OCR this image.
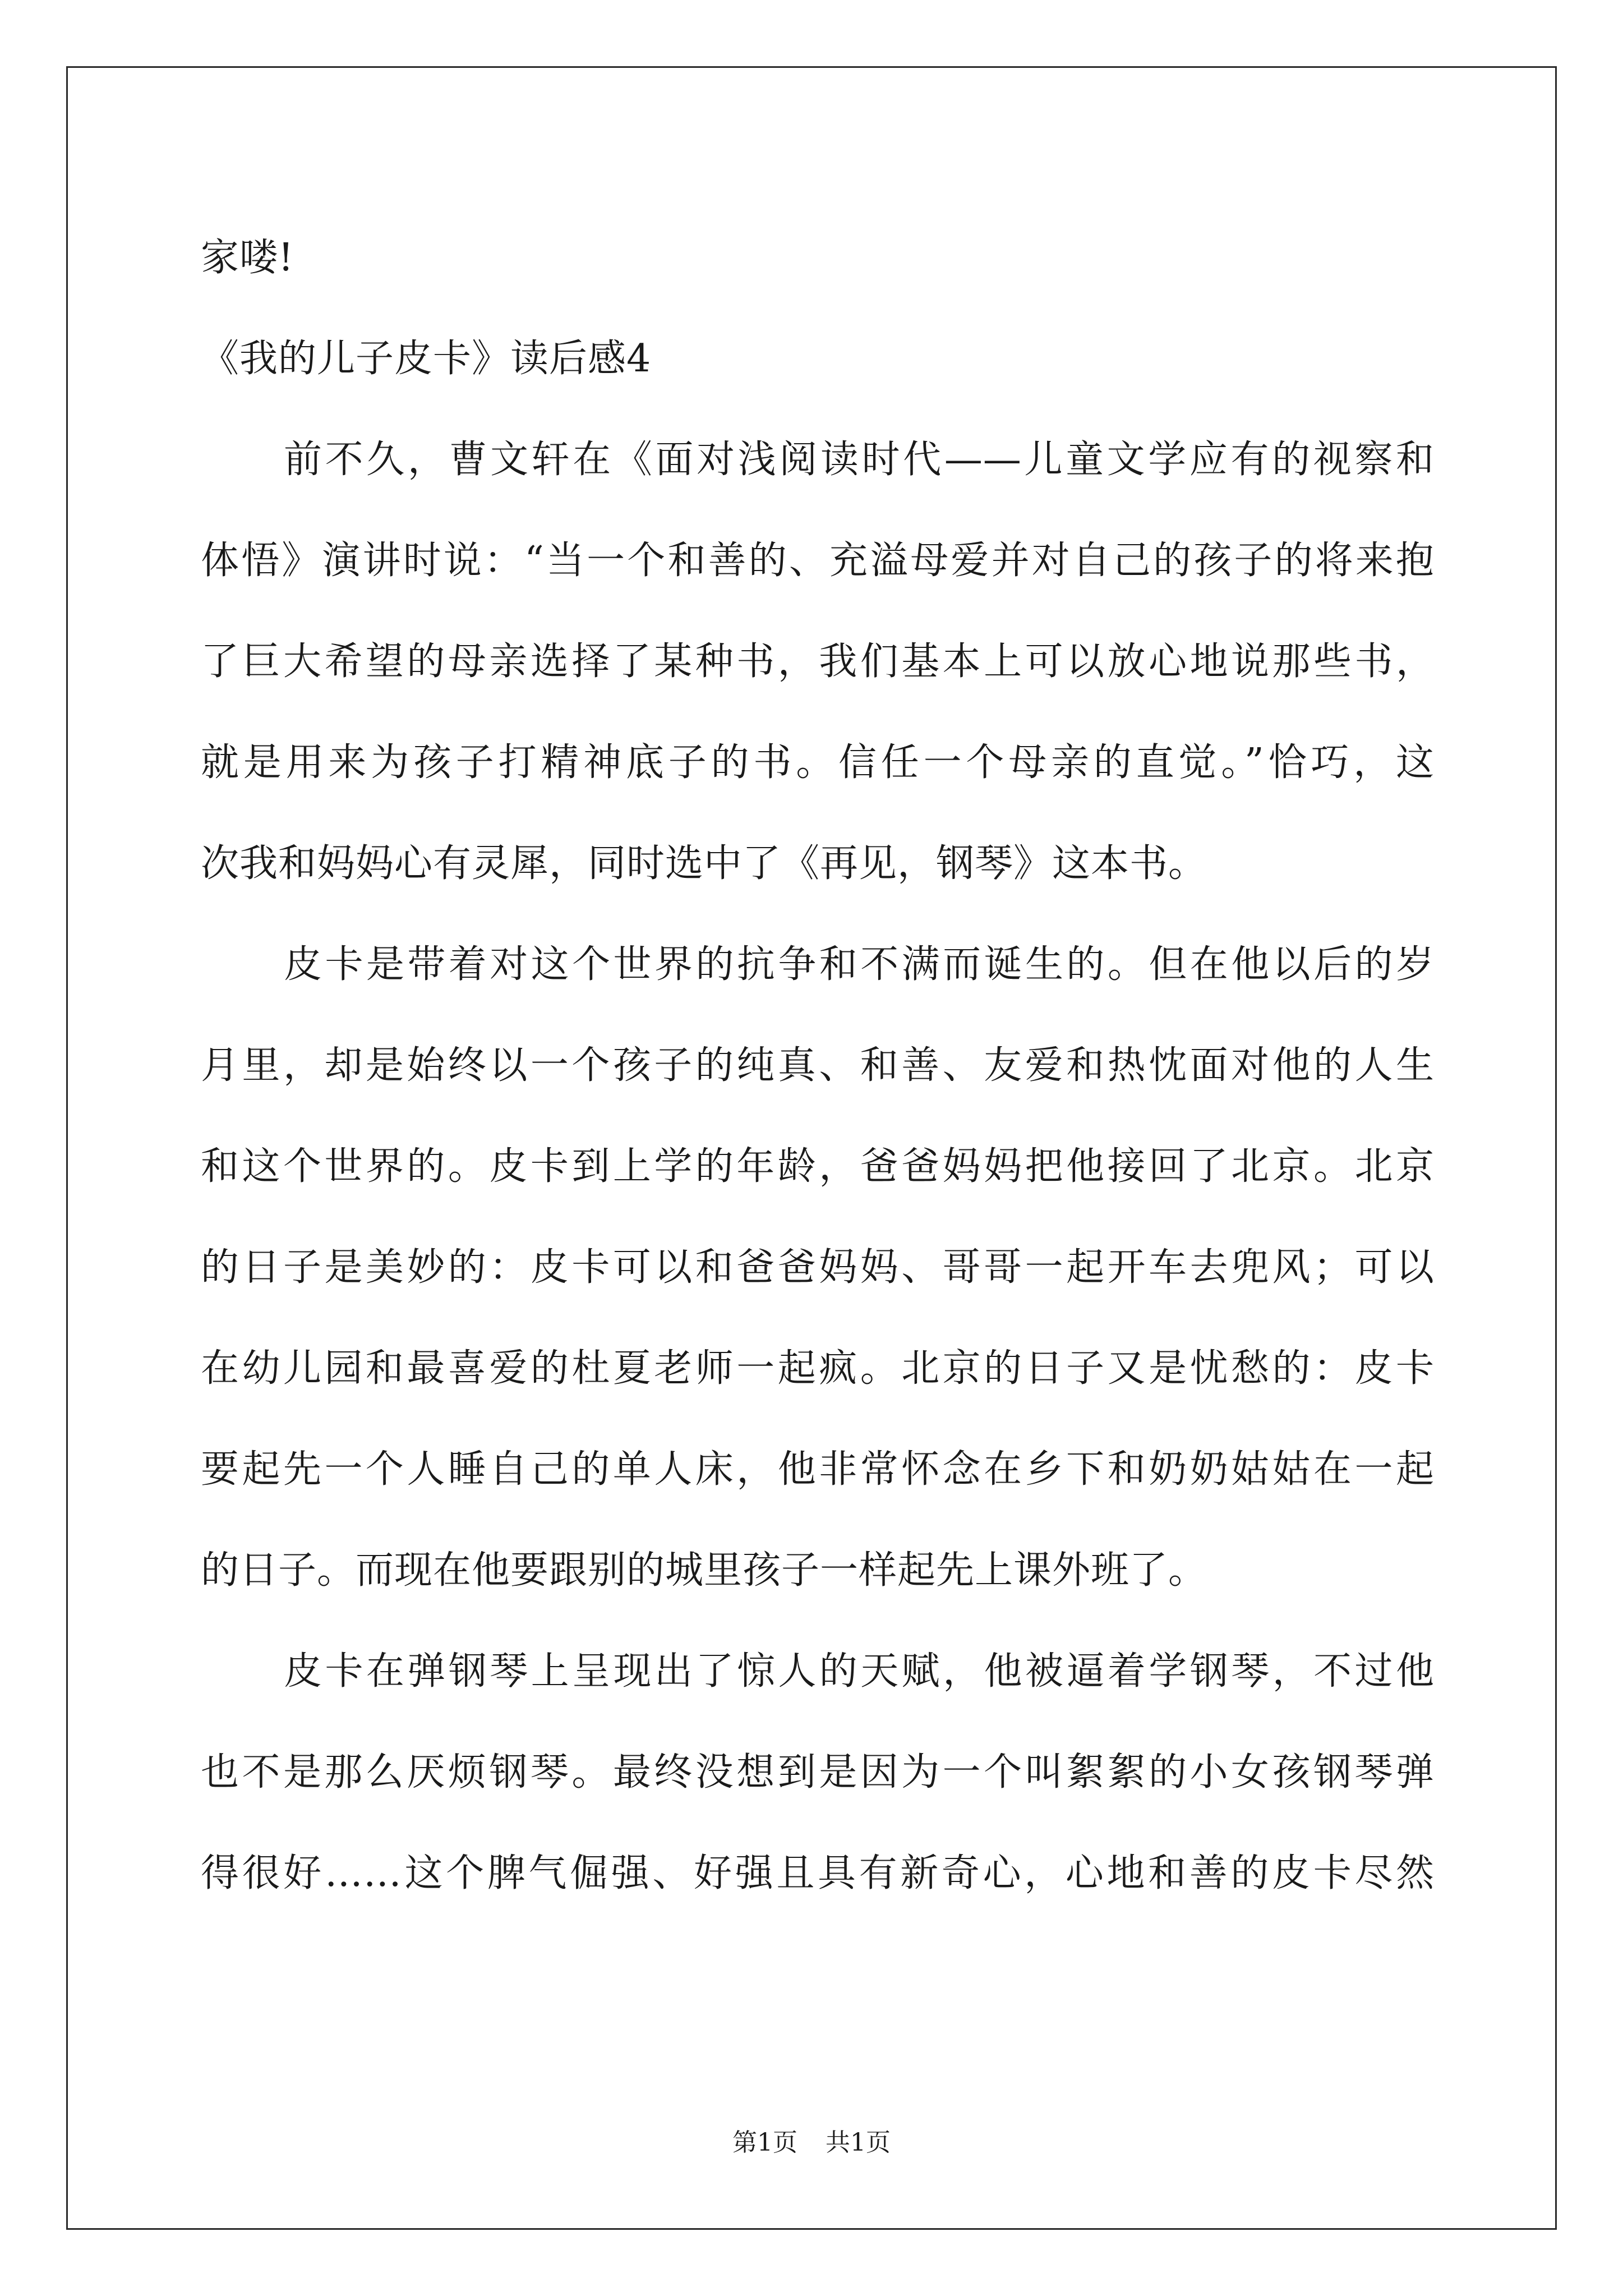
家喽!
《我的儿子皮卡》读后感4
前不久，曹文轩在《面对浅阅读时代——儿童文学应有的视察和
体悟》演讲时说：“当一个和善的、充溢母爱并对自己的孩子的将来抱
了巨大希望的母亲选择了某种书，我们基本上可以放心地说那些书，
就是用来为孩子打精神底子的书。信任一个母亲的直觉。”恰巧，这
次我和妈妈心有灵犀，同时选中了《再见，钢琴》这本书。
皮卡是带着对这个世界的抗争和不满而诞生的。但在他以后的岁
月里，却是始终以一个孩子的纯真、和善、友爱和热忱面对他的人生
和这个世界的。皮卡到上学的年龄，爸爸妈妈把他接回了北京。北京
的日子是美妙的：皮卡可以和爸爸妈妈、哥哥一起开车去兜风；可以
在幼儿园和最喜爱的杜夏老师一起疯。北京的日子又是忧愁的：皮卡
要起先一个人睡自己的单人床，他非常怀念在乡下和奶奶姑姑在一起
的日子。而现在他要跟别的城里孩子一样起先上课外班了。
皮卡在弹钢琴上呈现出了惊人的天赋，他被逼着学钢琴，不过他
也不是那么厌烦钢琴。最终没想到是因为一个叫絮絮的小女孩钢琴弹
得很好……这个脾气倔强、好强且具有新奇心，心地和善的皮卡尽然
第1页 共1页
